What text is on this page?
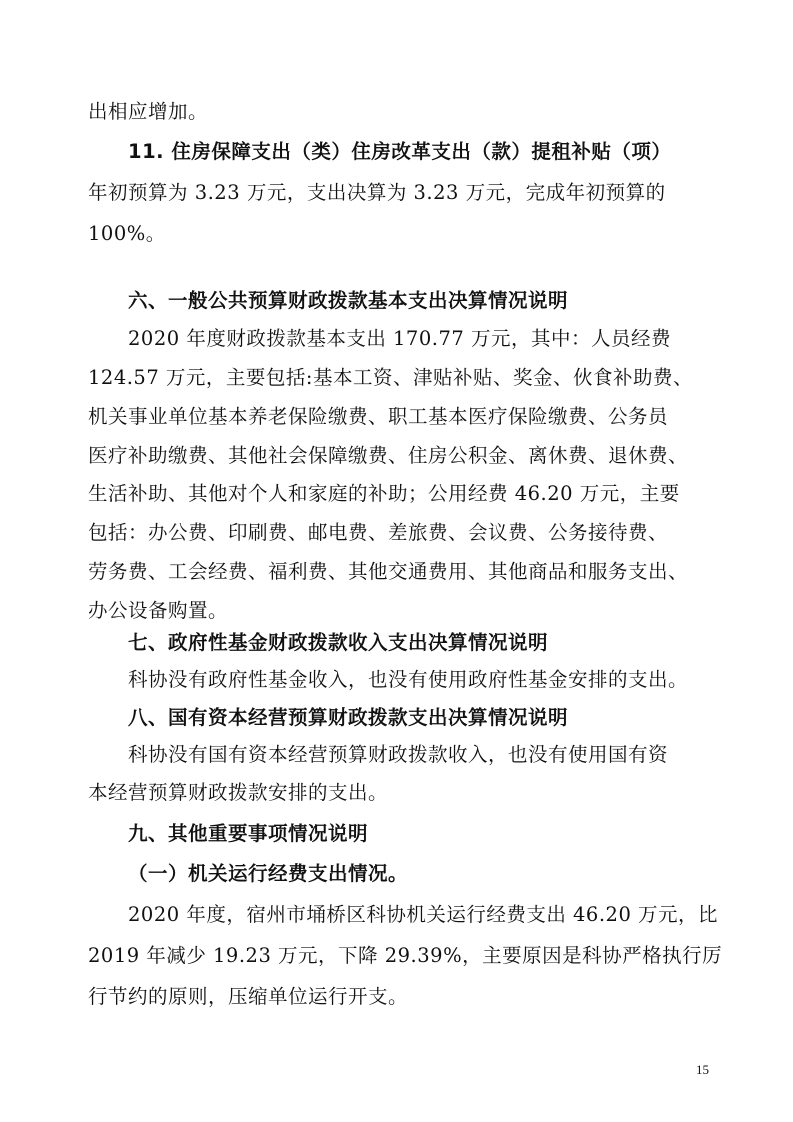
出相应增加。
11. 住房保障支出（类）住房改革支出（款）提租补贴（项）
年初预算为 3.23 万元，支出决算为 3.23 万元，完成年初预算的
100%。
六、一般公共预算财政拨款基本支出决算情况说明
2020 年度财政拨款基本支出 170.77 万元，其中：人员经费
124.57 万元，主要包括:基本工资、津贴补贴、奖金、伙食补助费、
机关事业单位基本养老保险缴费、职工基本医疗保险缴费、公务员
医疗补助缴费、其他社会保障缴费、住房公积金、离休费、退休费、
生活补助、其他对个人和家庭的补助；公用经费 46.20 万元，主要
包括：办公费、印刷费、邮电费、差旅费、会议费、公务接待费、
劳务费、工会经费、福利费、其他交通费用、其他商品和服务支出、
办公设备购置。
七、政府性基金财政拨款收入支出决算情况说明
科协没有政府性基金收入，也没有使用政府性基金安排的支出。
八、国有资本经营预算财政拨款支出决算情况说明
科协没有国有资本经营预算财政拨款收入，也没有使用国有资
本经营预算财政拨款安排的支出。
九、其他重要事项情况说明
（一）机关运行经费支出情况。
2020 年度，宿州市埇桥区科协机关运行经费支出 46.20 万元，比
2019 年减少 19.23 万元，下降 29.39%，主要原因是科协严格执行厉
行节约的原则，压缩单位运行开支。
15
